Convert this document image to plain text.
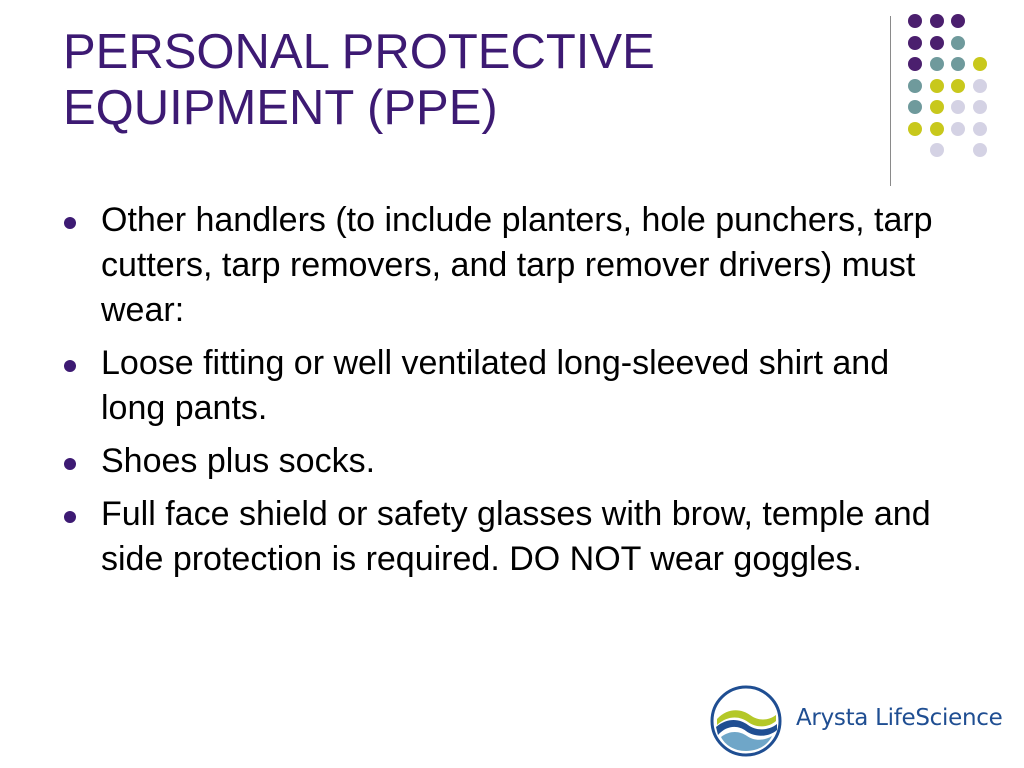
PERSONAL PROTECTIVE
EQUIPMENT (PPE)
Other handlers (to include planters, hole punchers, tarp cutters, tarp removers, and tarp remover drivers) must wear:
Loose fitting or well ventilated long-sleeved shirt and long pants.
Shoes plus socks.
Full face shield or safety glasses with brow, temple and side protection is required. DO NOT wear goggles.
Arysta LifeScience
